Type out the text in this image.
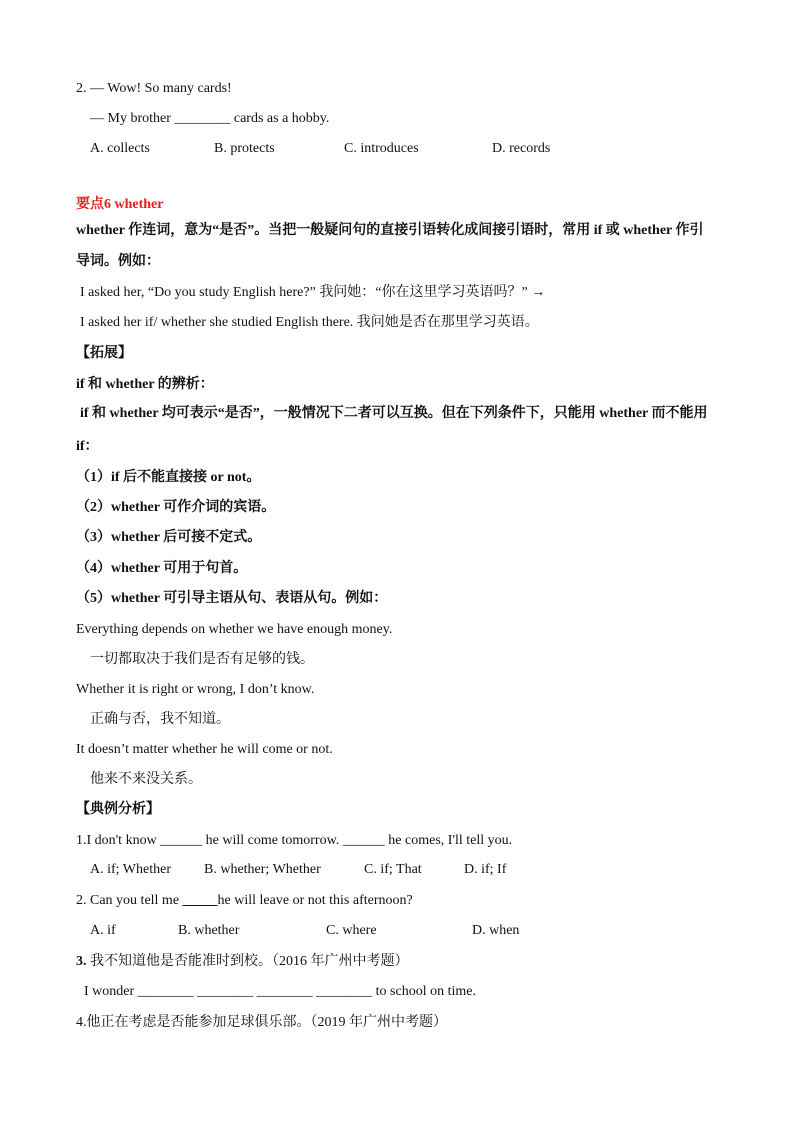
2. — Wow! So many cards!
— My brother ________ cards as a hobby.
A. collects	B. protects	C. introduces	D. records
要点6 whether
whether 作连词，意为“是否”。当把一般疑问句的直接引语转化成间接引语时，常用 if 或 whether 作引
导词。例如：
I asked her, “Do you study English here?” 我问她：“你在这里学习英语吗？” →
I asked her if/ whether she studied English there. 我问她是否在那里学习英语。
【拓展】
if 和 whether 的辨析：
if 和 whether 均可表示“是否”，一般情况下二者可以互换。但在下列条件下，只能用 whether 而不能用
if：
（1）if 后不能直接接 or not。
（2）whether 可作介词的宾语。
（3）whether 后可接不定式。
（4）whether 可用于句首。
（5）whether 可引导主语从句、表语从句。例如：
Everything depends on whether we have enough money.
一切都取决于我们是否有足够的钱。
Whether it is right or wrong, I don’t know.
正确与否，我不知道。
It doesn’t matter whether he will come or not.
他来不来没关系。
【典例分析】
1.I don't know ______ he will come tomorrow. ______ he comes, I'll tell you.
A. if; Whether B. whether; Whether	C. if; That	D. if; If
2. Can you tell me _____he will leave or not this afternoon?
A. if	B. whether	C. where	D. when
3. 我不知道他是否能准时到校。（2016 年广州中考题）
I wonder ________ ________ ________ ________ to school on time.
4.他正在考虑是否能参加足球俱乐部。（2019 年广州中考题）
